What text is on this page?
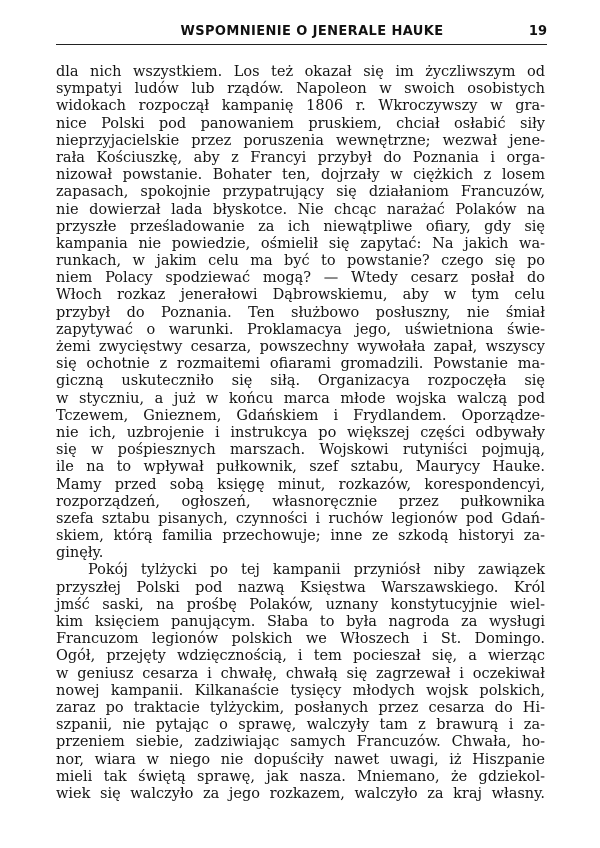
WSPOMNIENIE O JENERALE HAUKE	19
dla nich wszystkiem. Los też okazał się im życzliwszym od
sympatyi ludów lub rządów. Napoleon w swoich osobistych
widokach rozpoczął kampanię 1806 r. Wkroczywszy w gra-
nice Polski pod panowaniem pruskiem, chciał osłabić siły
nieprzyjacielskie przez poruszenia wewnętrzne; wezwał jene-
rała Kościuszkę, aby z Francyi przybył do Poznania i orga-
nizował powstanie. Bohater ten, dojrzały w ciężkich z losem
zapasach, spokojnie przypatrujący się działaniom Francuzów,
nie dowierzał lada błyskotce. Nie chcąc narażać Polaków na
przyszłe prześladowanie za ich niewątpliwe ofiary, gdy się
kampania nie powiedzie, ośmielił się zapytać: Na jakich wa-
runkach, w jakim celu ma być to powstanie? czego się po
niem Polacy spodziewać mogą? — Wtedy cesarz posłał do
Włoch rozkaz jenerałowi Dąbrowskiemu, aby w tym celu
przybył do Poznania. Ten służbowo posłuszny, nie śmiał
zapytywać o warunki. Proklamacya jego, uświetniona świe-
żemi zwycięstwy cesarza, powszechny wywołała zapał, wszyscy
się ochotnie z rozmaitemi ofiarami gromadzili. Powstanie ma-
giczną uskuteczniło się siłą. Organizacya rozpoczęła się
w styczniu, a już w końcu marca młode wojska walczą pod
Tczewem, Gnieznem, Gdańskiem i Frydlandem. Oporządze-
nie ich, uzbrojenie i instrukcya po większej części odbywały
się w pośpiesznych marszach. Wojskowi rutyniści pojmują,
ile na to wpływał pułkownik, szef sztabu, Maurycy Hauke.
Mamy przed sobą księgę minut, rozkazów, korespondencyi,
rozporządzeń, ogłoszeń, własnoręcznie przez pułkownika
szefa sztabu pisanych, czynności i ruchów legionów pod Gdań-
skiem, którą familia przechowuje; inne ze szkodą historyi za-
ginęły.
Pokój tylżycki po tej kampanii przyniósł niby zawiązek
przyszłej Polski pod nazwą Księstwa Warszawskiego. Król
jmść saski, na prośbę Polaków, uznany konstytucyjnie wiel-
kim księciem panującym. Słaba to była nagroda za wysługi
Francuzom legionów polskich we Włoszech i St. Domingo.
Ogół, przejęty wdzięcznością, i tem pocieszał się, a wierząc
w geniusz cesarza i chwałę, chwałą się zagrzewał i oczekiwał
nowej kampanii. Kilkanaście tysięcy młodych wojsk polskich,
zaraz po traktacie tylżyckim, posłanych przez cesarza do Hi-
szpanii, nie pytając o sprawę, walczyły tam z brawurą i za-
przeniem siebie, zadziwiając samych Francuzów. Chwała, ho-
nor, wiara w niego nie dopuściły nawet uwagi, iż Hiszpanie
mieli tak świętą sprawę, jak nasza. Mniemano, że gdziekol-
wiek się walczyło za jego rozkazem, walczyło za kraj własny.
